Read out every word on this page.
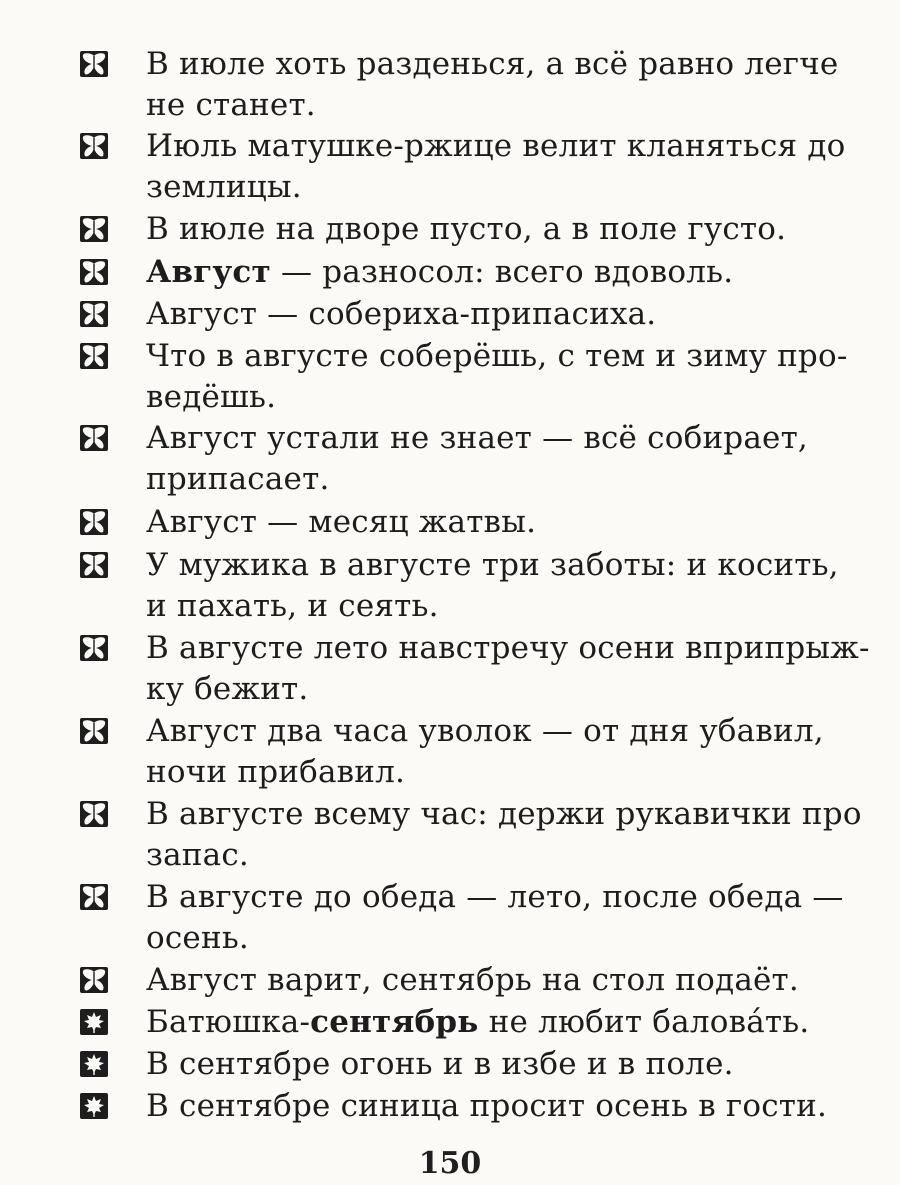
В июле хоть разденься, а всё равно легче
не станет.
Июль матушке-ржице велит кланяться до
землицы.
В июле на дворе пусто, а в поле густо.
Август — разносол: всего вдоволь.
Август — собериха-припасиха.
Что в августе соберёшь, с тем и зиму про-
ведёшь.
Август устали не знает — всё собирает,
припасает.
Август — месяц жатвы.
У мужика в августе три заботы: и косить,
и пахать, и сеять.
В августе лето навстречу осени вприпрыж-
ку бежит.
Август два часа уволок — от дня убавил,
ночи прибавил.
В августе всему час: держи рукавички про
запас.
В августе до обеда — лето, после обеда —
осень.
Август варит, сентябрь на стол подаёт.
Батюшка-сентябрь не любит баловáть.
В сентябре огонь и в избе и в поле.
В сентябре синица просит осень в гости.
150
